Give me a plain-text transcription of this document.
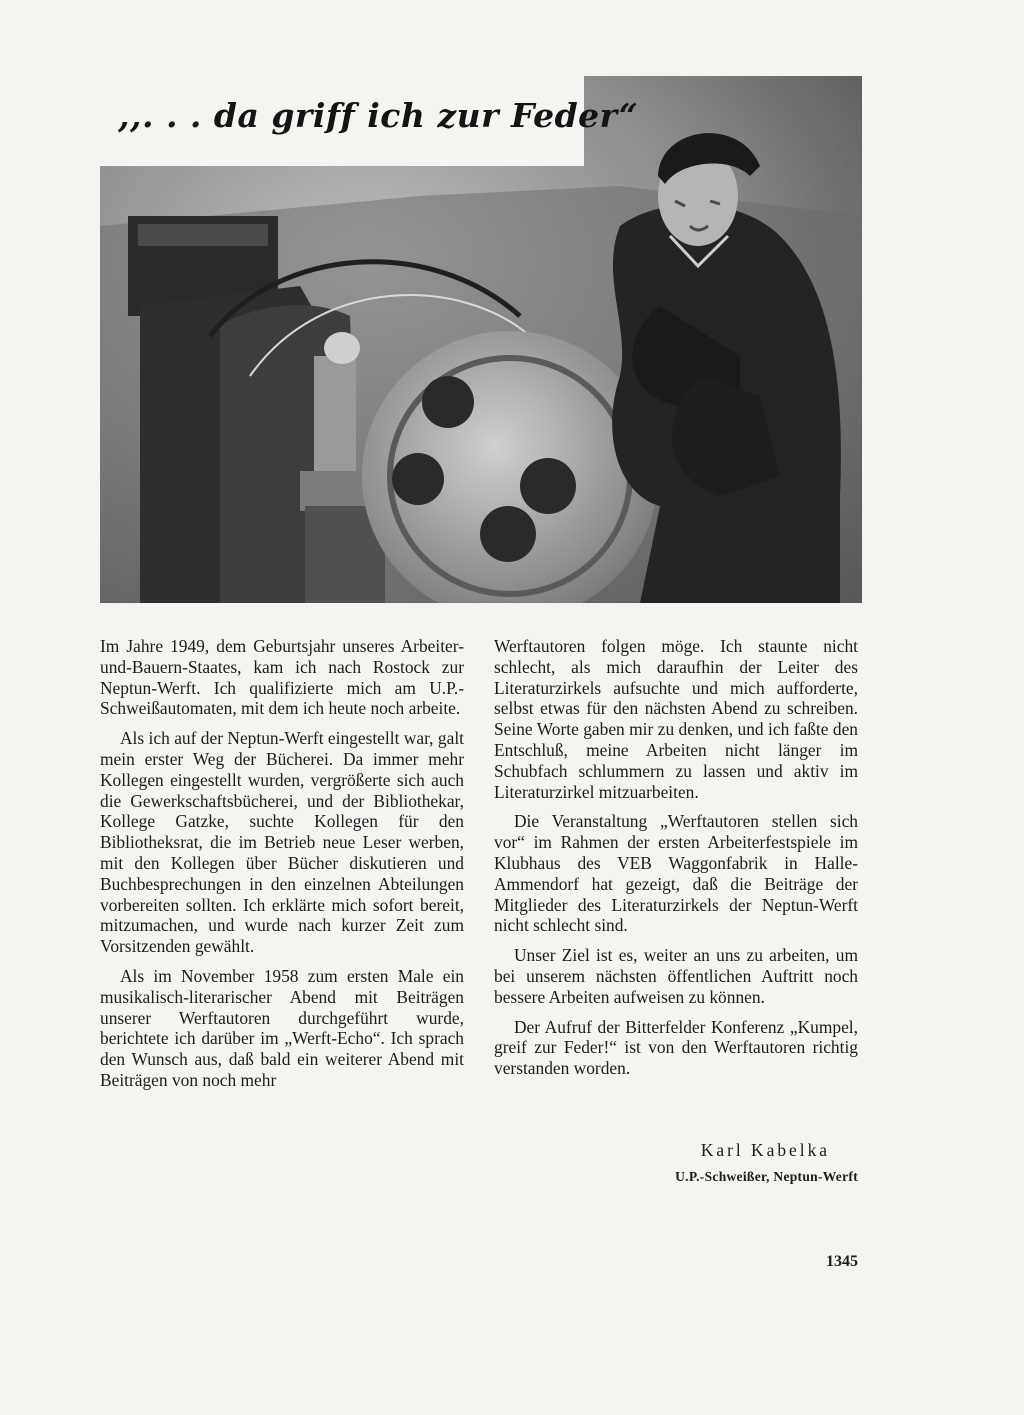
,,. . . da griff ich zur Feder“

Im Jahre 1949, dem Geburtsjahr unseres Arbeiter-und-Bauern-Staates, kam ich nach Rostock zur Neptun-Werft. Ich qualifizierte mich am U.P.-Schweißautomaten, mit dem ich heute noch arbeite.

Als ich auf der Neptun-Werft eingestellt war, galt mein erster Weg der Bücherei. Da immer mehr Kollegen eingestellt wurden, vergrößerte sich auch die Gewerkschaftsbücherei, und der Bibliothekar, Kollege Gatzke, suchte Kollegen für den Bibliotheksrat, die im Betrieb neue Leser werben, mit den Kollegen über Bücher diskutieren und Buchbesprechungen in den einzelnen Abteilungen vorbereiten sollten. Ich erklärte mich sofort bereit, mitzumachen, und wurde nach kurzer Zeit zum Vorsitzenden gewählt.

Als im November 1958 zum ersten Male ein musikalisch-literarischer Abend mit Beiträgen unserer Werftautoren durchgeführt wurde, berichtete ich darüber im „Werft-Echo“. Ich sprach den Wunsch aus, daß bald ein weiterer Abend mit Beiträgen von noch mehr

Werftautoren folgen möge. Ich staunte nicht schlecht, als mich daraufhin der Leiter des Literaturzirkels aufsuchte und mich aufforderte, selbst etwas für den nächsten Abend zu schreiben. Seine Worte gaben mir zu denken, und ich faßte den Entschluß, meine Arbeiten nicht länger im Schubfach schlummern zu lassen und aktiv im Literaturzirkel mitzuarbeiten.

Die Veranstaltung „Werftautoren stellen sich vor“ im Rahmen der ersten Arbeiterfestspiele im Klubhaus des VEB Waggonfabrik in Halle-Ammendorf hat gezeigt, daß die Beiträge der Mitglieder des Literaturzirkels der Neptun-Werft nicht schlecht sind.

Unser Ziel ist es, weiter an uns zu arbeiten, um bei unserem nächsten öffentlichen Auftritt noch bessere Arbeiten aufweisen zu können.

Der Aufruf der Bitterfelder Konferenz „Kumpel, greif zur Feder!“ ist von den Werftautoren richtig verstanden worden.

Karl Kabelka
U.P.-Schweißer, Neptun-Werft
1345
